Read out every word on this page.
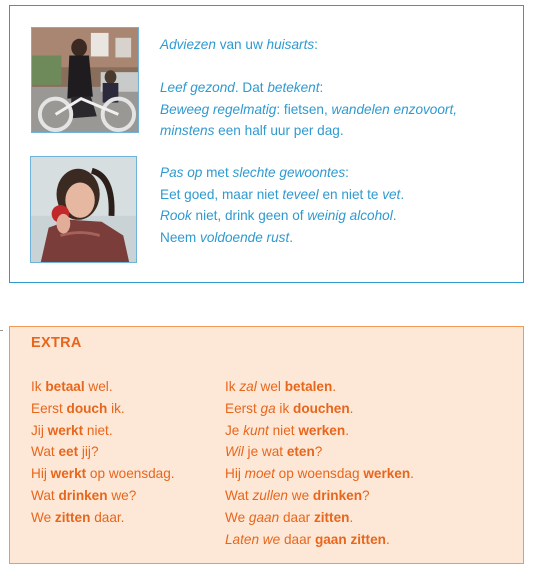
Adviezen van uw huisarts:

Leef gezond. Dat betekent:

Beweeg regelmatig: fietsen, wandelen enzovoort,

minstens een half uur per dag.

Pas op met slechte gewoontes:

Eet goed, maar niet teveel en niet te vet.

Rook niet, drink geen of weinig alcohol.

Neem voldoende rust.

EXTRA
Ik betaal wel.
Eerst douch ik.
Jij werkt niet.
Wat eet jij?
Hij werkt op woensdag.
Wat drinken we?
We zitten daar.
Ik zal wel betalen.
Eerst ga ik douchen.
Je kunt niet werken.
Wil je wat eten?
Hij moet op woensdag werken.
Wat zullen we drinken?
We gaan daar zitten.
Laten we daar gaan zitten.
